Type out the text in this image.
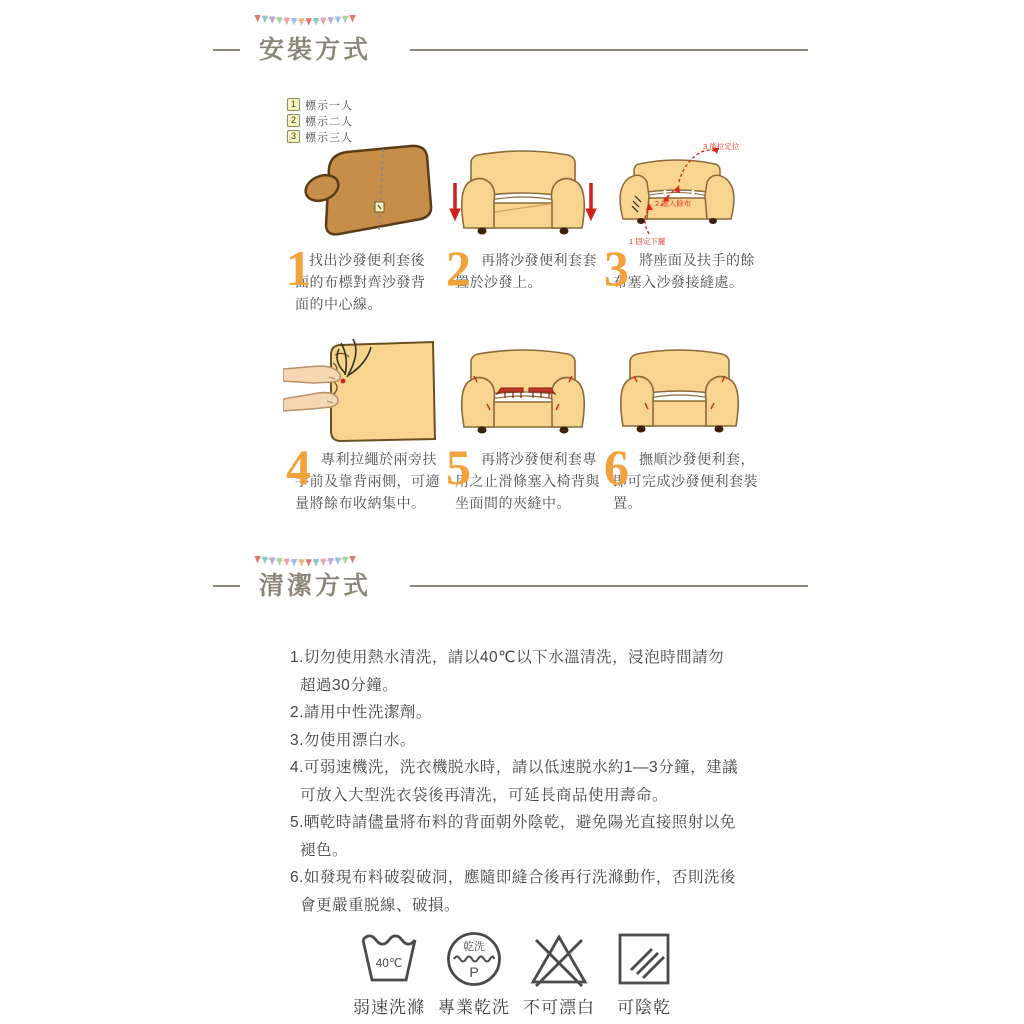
安裝方式
1 標示一人
2 標示二人
3 標示三人
1 固定下擺
2 塞入餘布
3 後拉定位
1

找出沙發便利套後面的布標對齊沙發背面的中心線。

2 再將沙發便利套套置於沙發上。	3 將座面及扶手的餘布塞入沙發接縫處。

4 專利拉繩於兩旁扶手前及靠背兩側，可適量將餘布收納集中。

5 再將沙發便利套專用之止滑條塞入椅背與坐面間的夾縫中。

6 撫順沙發便利套，即可完成沙發便利套裝置。

清潔方式

1.切勿使用熱水清洗，請以40℃以下水溫清洗，浸泡時間請勿超過30分鐘。

2.請用中性洗潔劑。

3.勿使用漂白水。

4.可弱速機洗，洗衣機脱水時，請以低速脱水約1—3分鐘，建議可放入大型洗衣袋後再清洗，可延長商品使用壽命。

5.晒乾時請儘量將布料的背面朝外陰乾，避免陽光直接照射以免褪色。

6.如發現布料破裂破洞，應隨即縫合後再行洗滌動作，否則洗後會更嚴重脱線、破損。

40℃
弱速洗滌
乾洗
P
專業乾洗 不可漂白	可陰乾
